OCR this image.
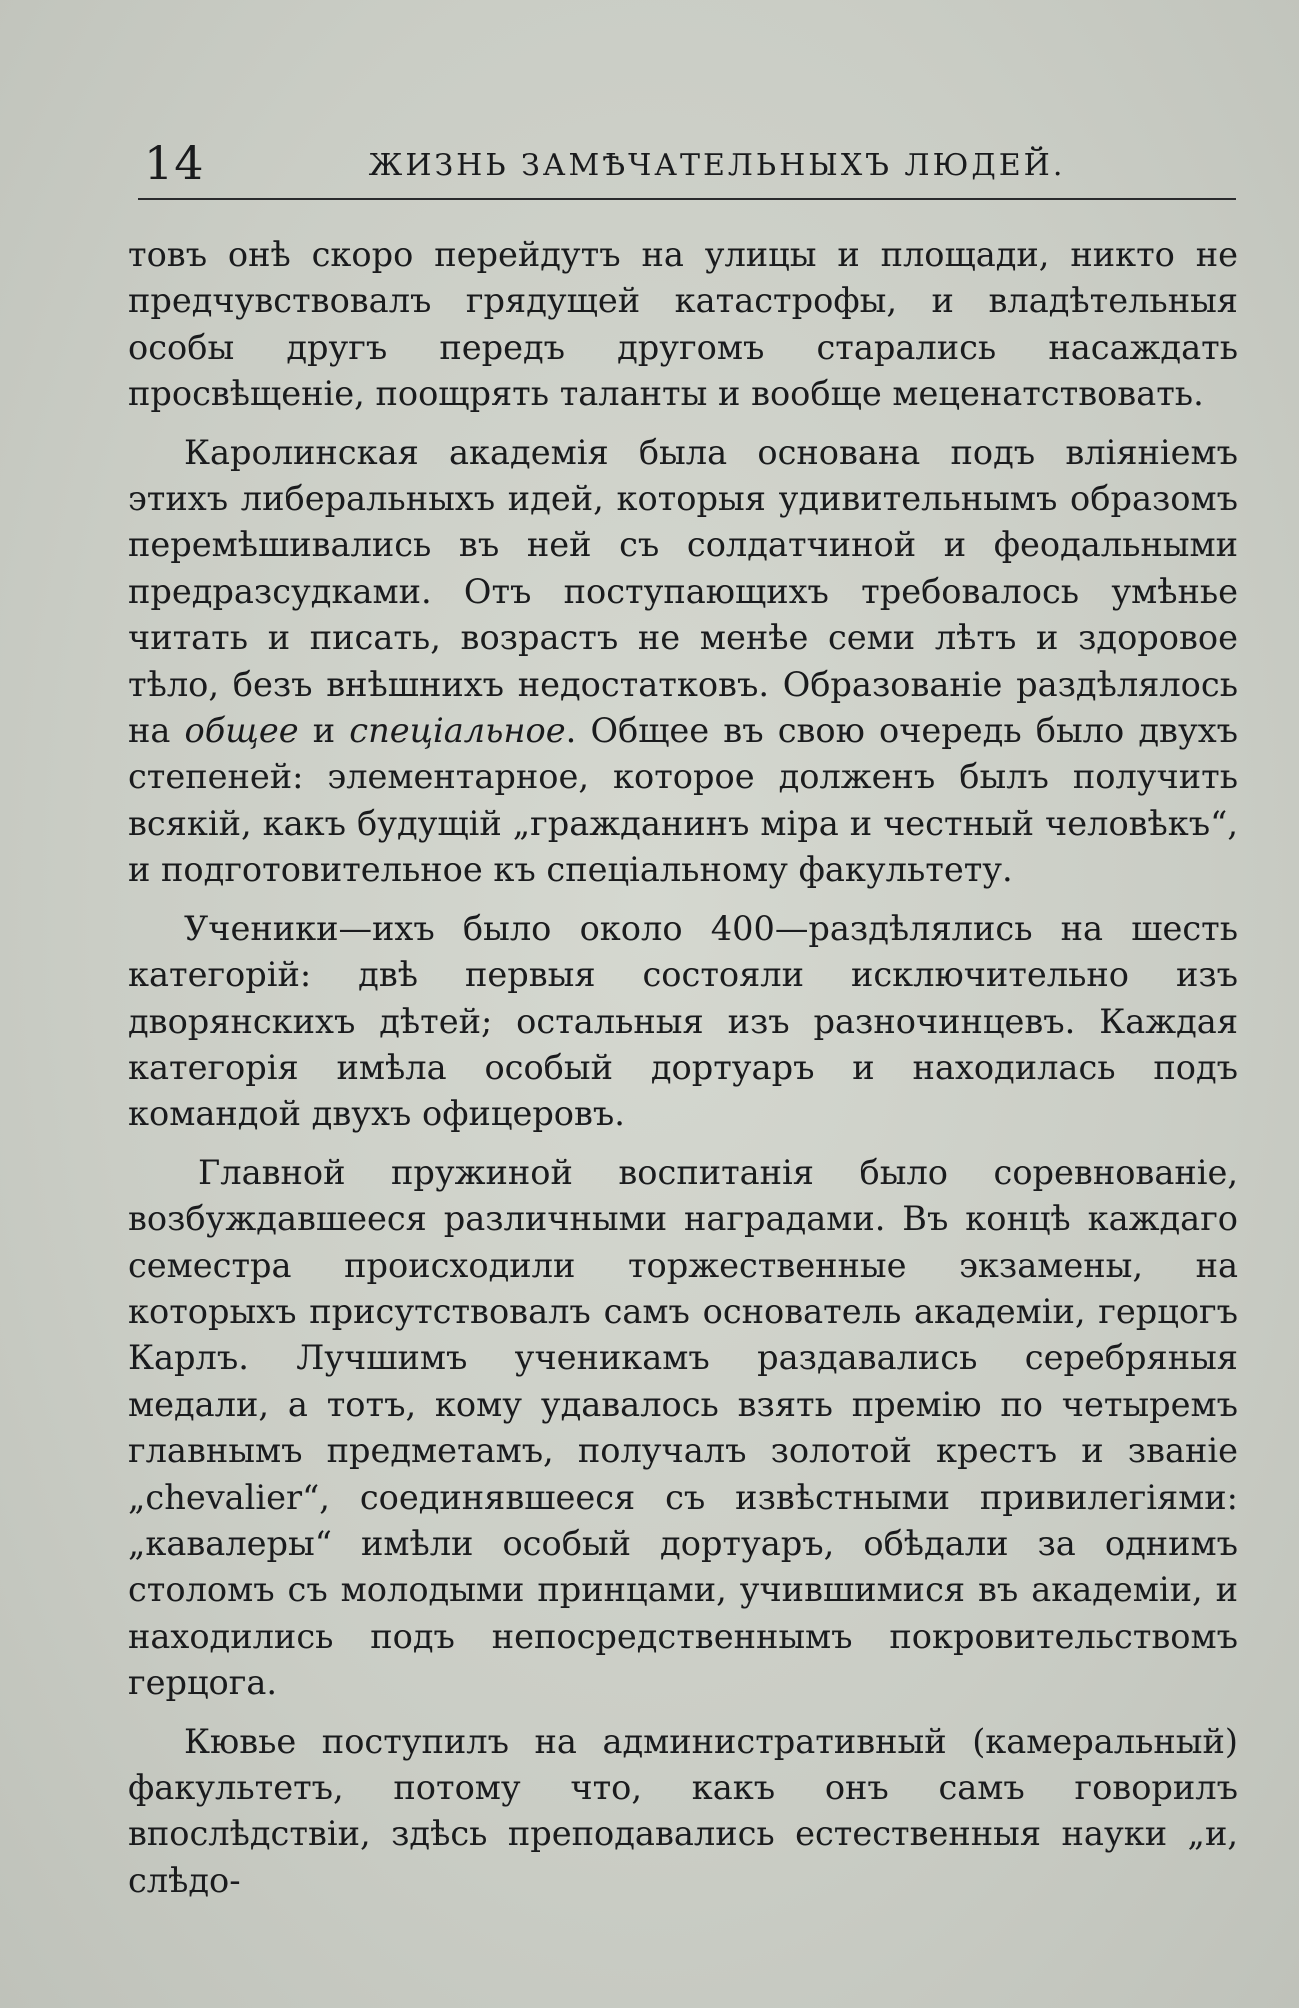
14	ЖИЗНЬ ЗАМѢЧАТЕЛЬНЫХЪ ЛЮДЕЙ.

товъ онѣ скоро перейдутъ на улицы и площади, никто не предчувствовалъ грядущей катастрофы, и владѣтельныя особы другъ передъ другомъ старались насаждать просвѣщеніе, поощрять таланты и вообще меценатствовать.

Каролинская академія была основана подъ вліяніемъ этихъ либеральныхъ идей, которыя удивительнымъ образомъ перемѣшивались въ ней съ солдатчиной и феодальными предразсудками. Отъ поступающихъ требовалось умѣнье читать и писать, возрастъ не менѣе семи лѣтъ и здоровое тѣло, безъ внѣшнихъ недостатковъ. Образованіе раздѣлялось на общее и спеціальное. Общее въ свою очередь было двухъ степеней: элементарное, которое долженъ былъ получить всякій, какъ будущій „гражданинъ міра и честный человѣкъ“, и подготовительное къ спеціальному факультету.

Ученики—ихъ было около 400—раздѣлялись на шесть категорій: двѣ первыя состояли исключительно изъ дворянскихъ дѣтей; остальныя изъ разночинцевъ. Каждая категорія имѣла особый дортуаръ и находилась подъ командой двухъ офицеровъ.

Главной пружиной воспитанія было соревнованіе, возбуждавшееся различными наградами. Въ концѣ каждаго семестра происходили торжественные экзамены, на которыхъ присутствовалъ самъ основатель академіи, герцогъ Карлъ. Лучшимъ ученикамъ раздавались серебряныя медали, а тотъ, кому удавалось взять премію по четыремъ главнымъ предметамъ, получалъ золотой крестъ и званіе „chevalier“, соединявшееся съ извѣстными привилегіями: „кавалеры“ имѣли особый дортуаръ, обѣдали за однимъ столомъ съ молодыми принцами, учившимися въ академіи, и находились подъ непосредственнымъ покровительствомъ герцога.

Кювье поступилъ на административный (камеральный) факультетъ, потому что, какъ онъ самъ говорилъ впослѣдствіи, здѣсь преподавались естественныя науки „и, слѣдо-
